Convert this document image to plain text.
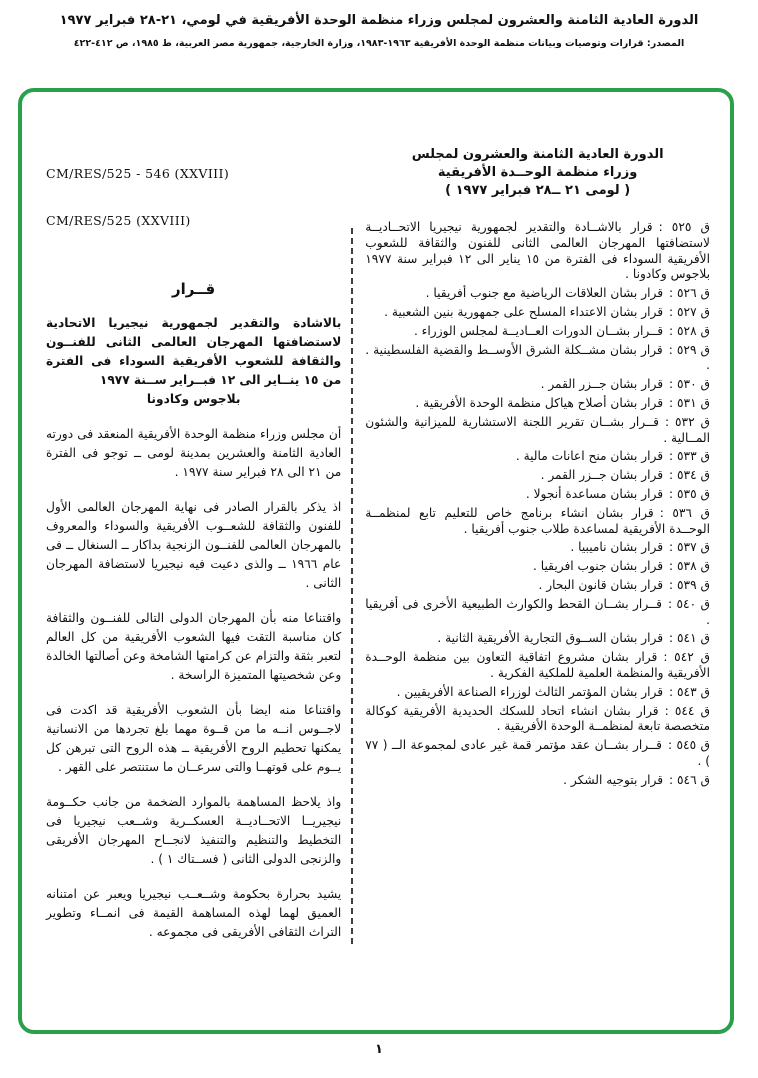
الدورة العادية الثامنة والعشرون لمجلس وزراء منظمة الوحدة الأفريقية في لومي، ٢١-٢٨ فبراير ١٩٧٧
المصدر: قرارات وتوصيات وبيانات منظمة الوحدة الأفريقية ١٩٦٣-١٩٨٣، وزارة الخارجية، جمهورية مصر العربية، ط ١٩٨٥، ص ٤١٢-٤٢٢
CM/RES/525 - 546 (XXVIII)
CM/RES/525 (XXVIII)
قــرار
بالاشادة والتقدير لجمهورية نيجيريا الاتحادية لاستضافتها المهرجان العالمى الثانى للفنــون والثقافة للشعوب الأفريقية السوداء فى الفترة من ١٥ ينــاير الى ١٢ فبــراير ســنة ١٩٧٧
بلاجوس وكادونا

أن مجلس وزراء منظمة الوحدة الأفريقية المنعقد فى دورته العادية الثامنة والعشرين بمدينة لومى ــ توجو فى الفترة من ٢١ الى ٢٨ فبراير سنة ١٩٧٧ .

اذ يذكر بالقرار الصادر فى نهاية المهرجان العالمى الأول للفنون والثقافة للشعــوب الأفريقية والسوداء والمعروف بالمهرجان العالمى للفنــون الزنجية بداكار ــ السنغال ــ فى عام ١٩٦٦ ــ والذى دعيت فيه نيجيريا لاستضافة المهرجان الثانى .

واقتناعا منه بأن المهرجان الدولى التالى للفنــون والثقافة كان مناسبة التقت فيها الشعوب الأفريقية من كل العالم لتعبر بثقة والتزام عن كرامتها الشامخة وعن أصالتها الخالدة وعن شخصيتها المتميزة الراسخة .

واقتناعا منه ايضا بأن الشعوب الأفريقية قد اكدت فى لاجــوس انــه ما من قــوة مهما بلغ تجردها من الانسانية يمكنها تحطيم الروح الأفريقية ــ هذه الروح التى تبرهن كل يــوم على قوتهــا والتى سرعــان ما ستنتصر على القهر .

واذ يلاحظ المساهمة بالموارد الضخمة من جانب حكــومة نيجيريــا الاتحــاديــة العسكــرية وشــعب نيجيريا فى التخطيط والتنظيم والتنفيذ لانجــاح المهرجان الأفريقى والزنجى الدولى الثانى ( فســتاك ١ ) .

يشيد بحرارة بحكومة وشــعــب نيجيريا ويعبر عن امتنانه العميق لهما لهذه المساهمة القيمة فى انمــاء وتطوير التراث الثقافى الأفريقى فى مجموعه .

الدورة العادية الثامنة والعشرون لمجلس
وزراء منظمة الوحــدة الأفريقية
( لومى ٢١ ــ٢٨ فبراير ١٩٧٧ )
ق ٥٢٥ :قرار بالاشــادة والتقدير لجمهورية نيجيريا الاتحــاديــة لاستضافتها المهرجان العالمى الثانى للفنون والثقافة للشعوب الأفريقية السوداء فى الفترة من ١٥ يناير الى ١٢ فبراير سنة ١٩٧٧ بلاجوس وكادونا .
ق ٥٢٦ :قرار بشان العلاقات الرياضية مع جنوب أفريقيا .
ق ٥٢٧ :قرار بشان الاعتداء المسلح على جمهورية بنين الشعبية .
ق ٥٢٨ :قــرار بشــان الدورات العــاديــة لمجلس الوزراء .
ق ٥٢٩ :قرار بشان مشــكلة الشرق الأوســط والقضية الفلسطينية . .
ق ٥٣٠ :قرار بشان جــزر القمر .
ق ٥٣١ :قرار بشان أصلاح هياكل منظمة الوحدة الأفريقية .
ق ٥٣٢ :قــرار بشــان تقرير اللجنة الاستشارية للميزانية والشئون المــالية .
ق ٥٣٣ :قرار بشان منح اعانات مالية .
ق ٥٣٤ :قرار بشان جــزر القمر .
ق ٥٣٥ :قرار بشان مساعدة أنجولا .
ق ٥٣٦ :قرار بشان انشاء برنامج خاص للتعليم تابع لمنظمــة الوحــدة الأفريقية لمساعدة طلاب جنوب أفريقيا .
ق ٥٣٧ :قرار بشان ناميبيا .
ق ٥٣٨ :قرار بشان جنوب افريقيا .
ق ٥٣٩ :قرار بشان قانون البحار .
ق ٥٤٠ :قــرار بشــان القحط والكوارث الطبيعية الأخرى فى أفريقيا .
ق ٥٤١ :قرار بشان الســوق التجارية الأفريقية الثانية .
ق ٥٤٢ :قرار بشان مشروع اتفاقية التعاون بين منظمة الوحــدة الأفريقية والمنظمة العلمية للملكية الفكرية .
ق ٥٤٣ :قرار بشان المؤتمر الثالث لوزراء الصناعة الأفريقيين .
ق ٥٤٤ :قرار بشان انشاء اتحاد للسكك الحديدية الأفريقية كوكالة متخصصة تابعة لمنظمــة الوحدة الأفريقية .
ق ٥٤٥ :قــرار بشــان عقد مؤتمر قمة غير عادى لمجموعة الــ ( ٧٧ ) .
ق ٥٤٦ :قرار بتوجيه الشكر .
١
